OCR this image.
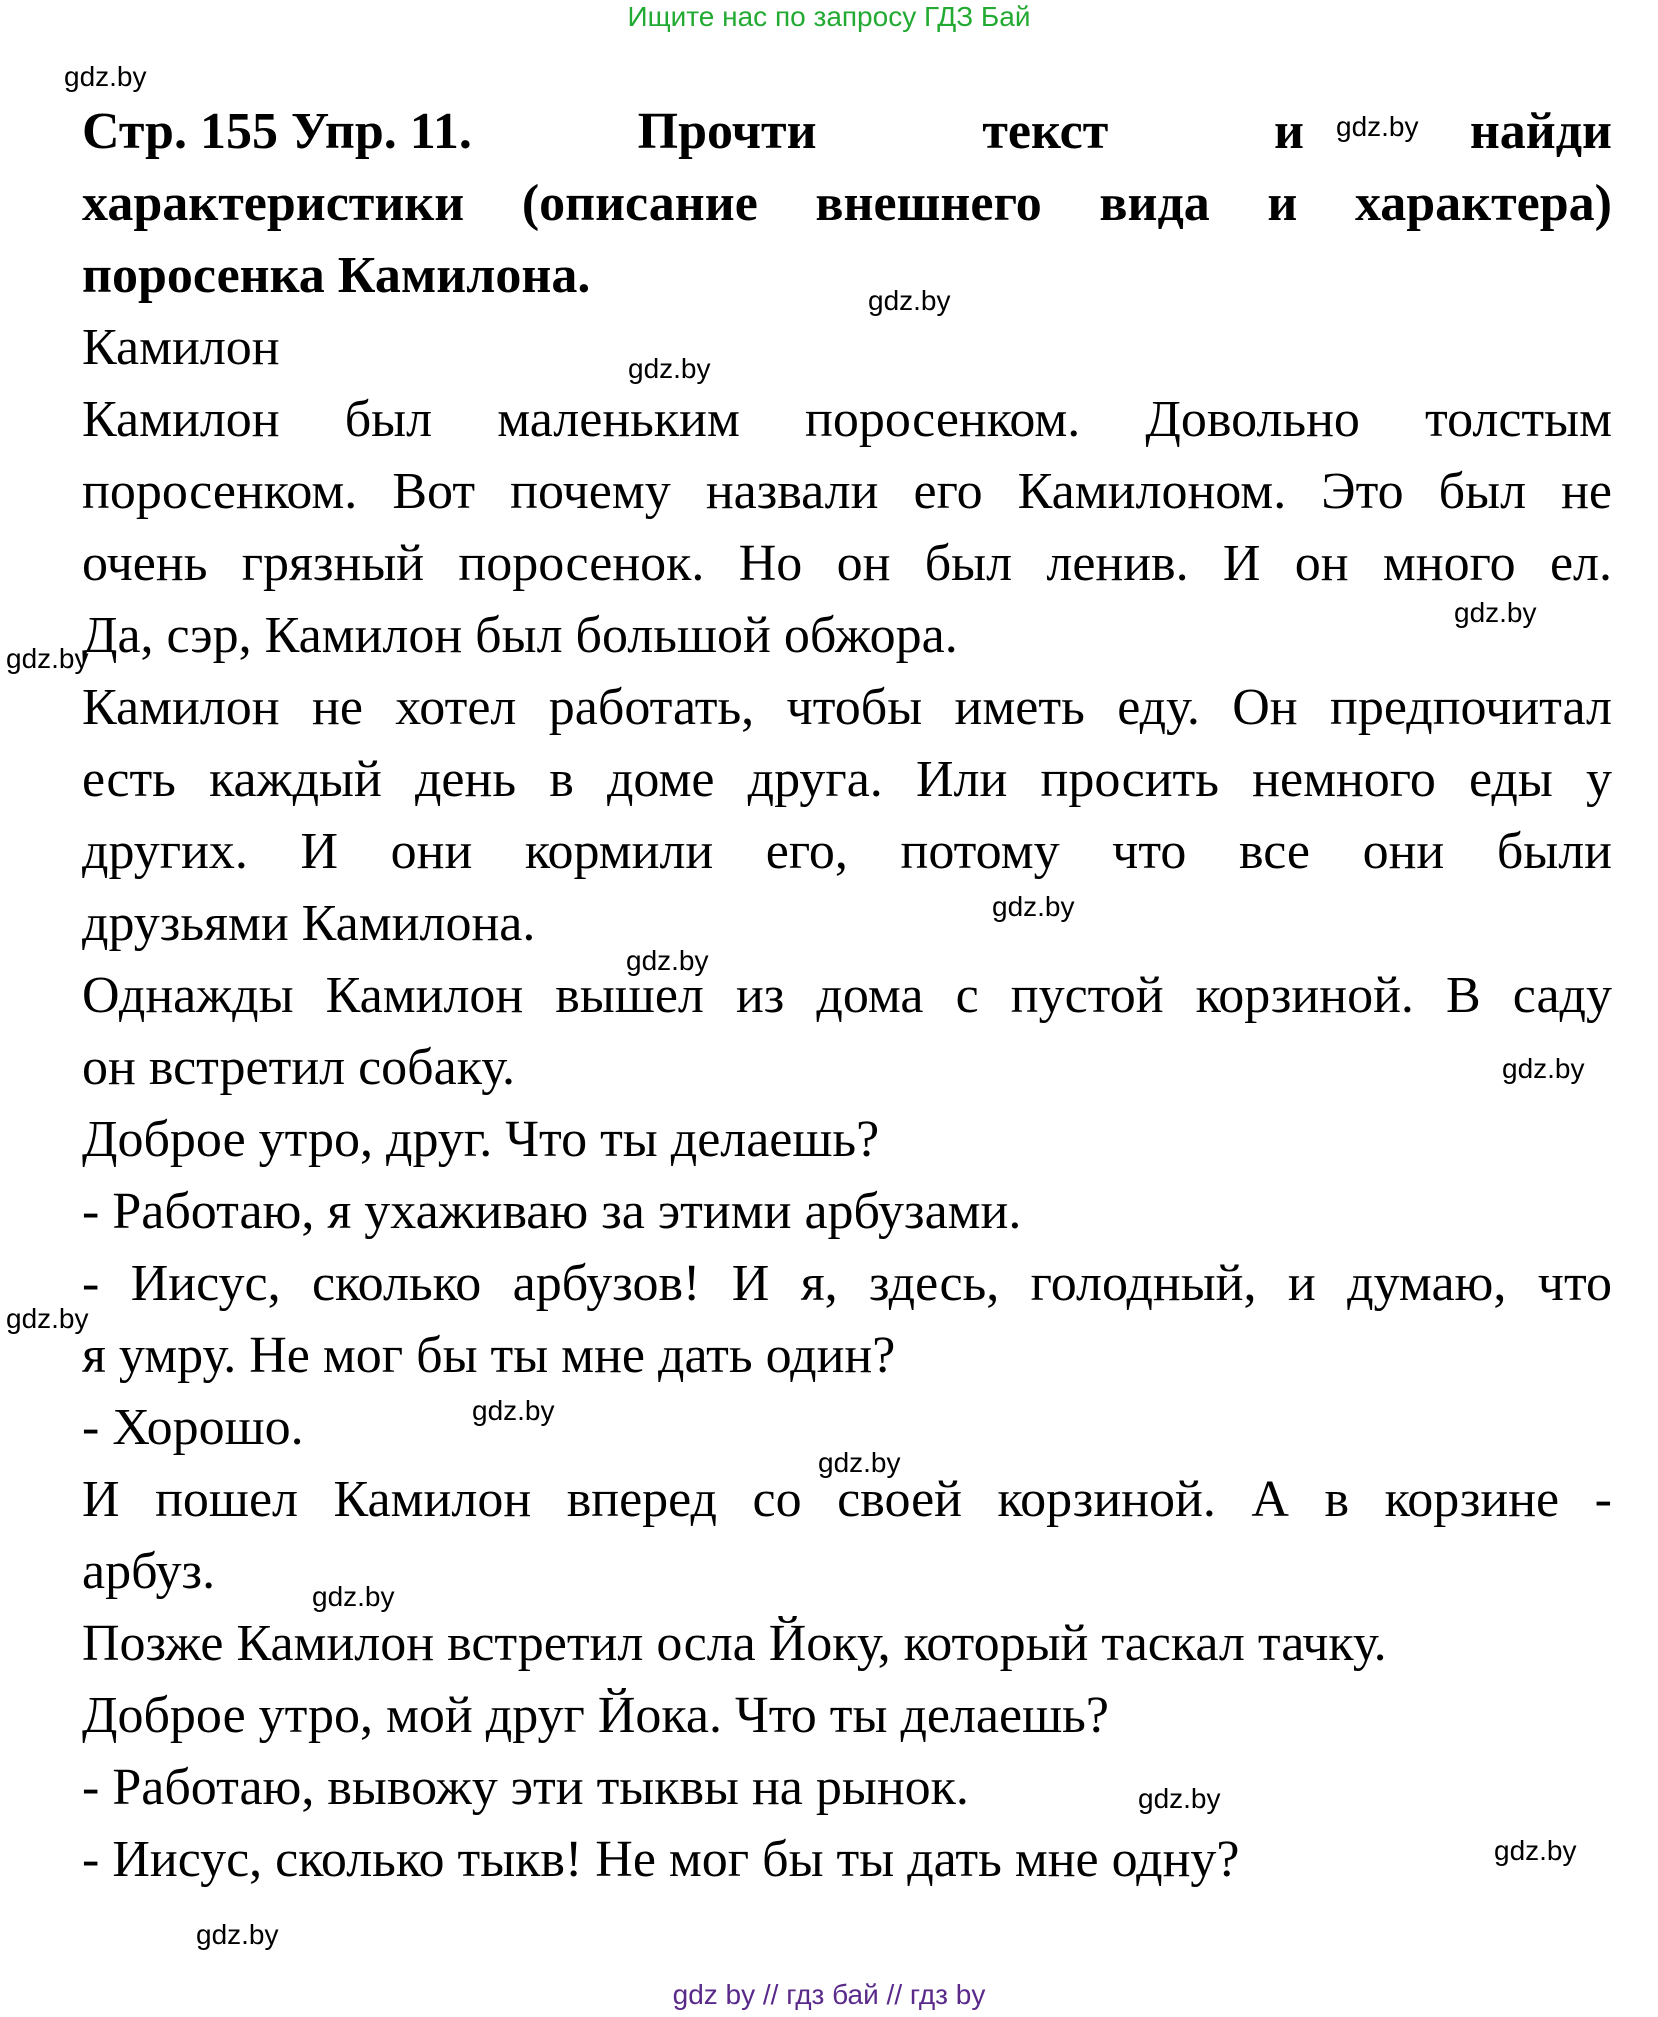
Ищите нас по запросу ГДЗ Бай
gdz.by
gdz.by
gdz.by
gdz.by
gdz.by
gdz.by
gdz.by
gdz.by
gdz.by
gdz.by
gdz.by
gdz.by
gdz.by
gdz.by
gdz.by
gdz.by
Стр. 155 Упр. 11.	Прочти	текст	и	найди
характеристики (описание внешнего вида и характера) поросенка Камилона.

Камилон

Камилон был маленьким поросенком. Довольно толстым

поросенком. Вот почему назвали его Камилоном. Это был не

очень грязный поросенок. Но он был ленив. И он много ел.

Да, сэр, Камилон был большой обжора.

Камилон не хотел работать, чтобы иметь еду. Он предпочитал

есть каждый день в доме друга. Или просить немного еды у

других. И они кормили его, потому что все они были

друзьями Камилона.

Однажды Камилон вышел из дома с пустой корзиной. В саду

он встретил собаку.

Доброе утро, друг. Что ты делаешь?

- Работаю, я ухаживаю за этими арбузами.

- Иисус, сколько арбузов! И я, здесь, голодный, и думаю, что

я умру. Не мог бы ты мне дать один?

- Хорошо.

И пошел Камилон вперед со своей корзиной. А в корзине -

арбуз.

Позже Камилон встретил осла Йоку, который таскал тачку.

Доброе утро, мой друг Йока. Что ты делаешь?

- Работаю, вывожу эти тыквы на рынок.

- Иисус, сколько тыкв! Не мог бы ты дать мне одну?

gdz by // гдз бай // гдз by
